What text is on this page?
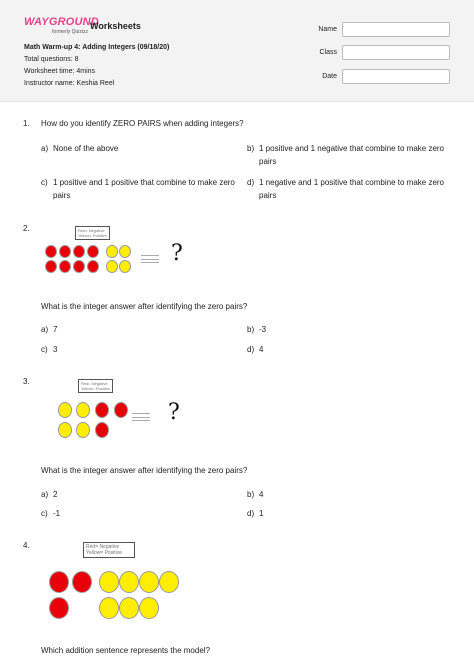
WAYGROUND
formerly Quizizz
Worksheets
Math Warm-up 4: Adding Integers (09/18/20)
Total questions: 8
Worksheet time: 4mins
Instructor name: Keshia Reel
Name
Class
Date
1. How do you identify ZERO PAIRS when adding integers?
a) None of the above	b) 1 positive and 1 negative that combine to make zero pairs
c) 1 positive and 1 positive that combine to make zero pairs
d) 1 negative and 1 positive that combine to make zero pairs
2.	Red= Negative
Yellow= Positive
?
What is the integer answer after identifying the zero pairs?
a) 7	b) -3
c) 3	d) 4
3.	Red= Negative
Yellow= Positive
?
What is the integer answer after identifying the zero pairs?
a) 2	b) 4
c) -1	d) 1
4.	Red= Negative
Yellow= Positive
Which addition sentence represents the model?
